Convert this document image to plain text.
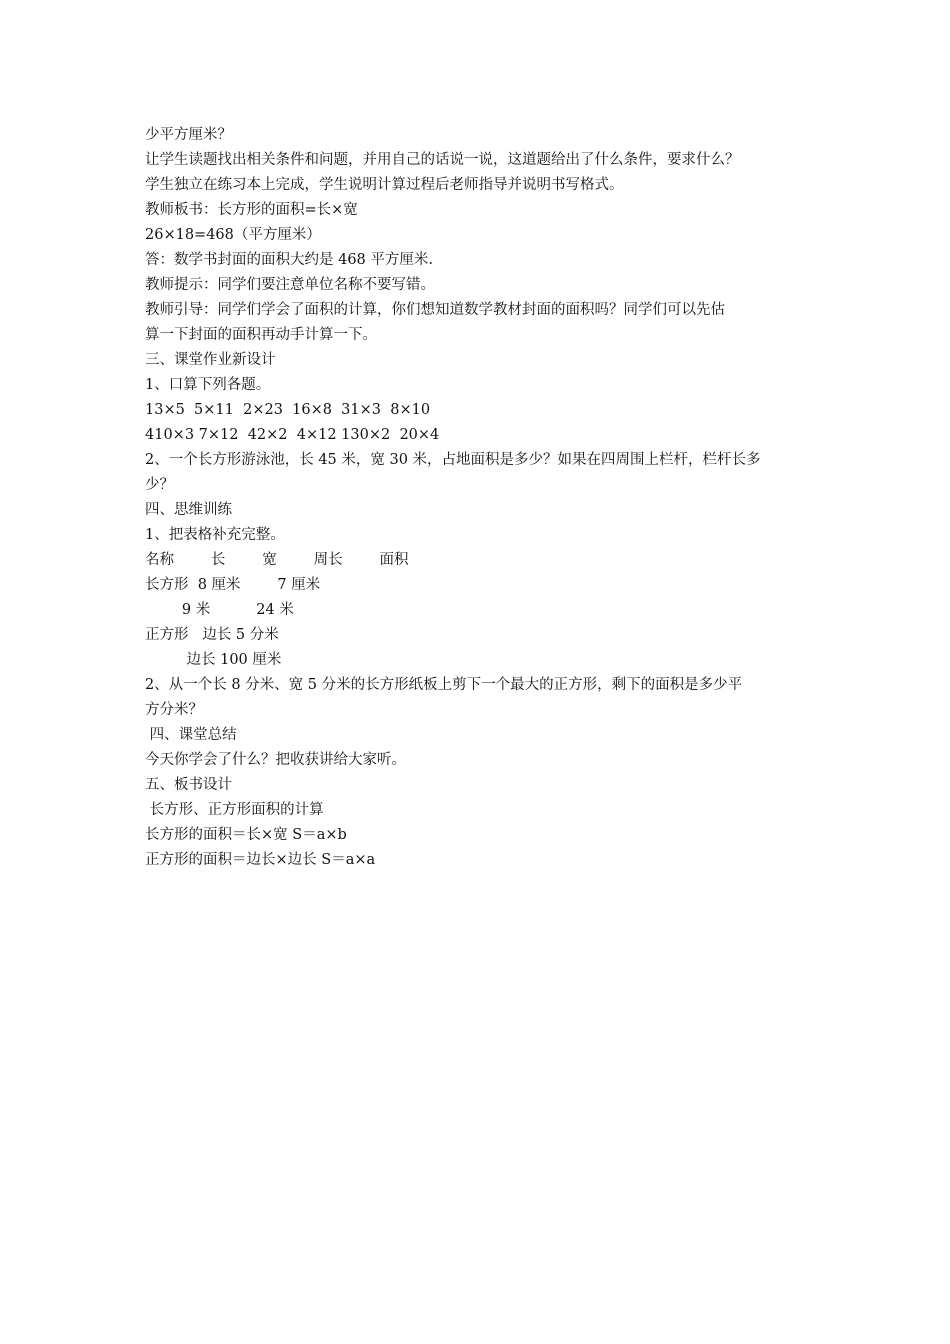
少平方厘米？
让学生读题找出相关条件和问题，并用自己的话说一说，这道题给出了什么条件，要求什么？
学生独立在练习本上完成，学生说明计算过程后老师指导并说明书写格式。
教师板书：长方形的面积=长×宽
26×18=468（平方厘米）
答：数学书封面的面积大约是 468 平方厘米.
教师提示：同学们要注意单位名称不要写错。
教师引导：同学们学会了面积的计算，你们想知道数学教材封面的面积吗？同学们可以先估
算一下封面的面积再动手计算一下。
三、课堂作业新设计
1、口算下列各题。
13×5  5×11  2×23  16×8  31×3  8×10
410×3 7×12  42×2  4×12 130×2  20×4
2、一个长方形游泳池，长 45 米，宽 30 米，占地面积是多少？如果在四周围上栏杆，栏杆长多
少？
四、思维训练
1、把表格补充完整。
名称        长        宽        周长        面积
长方形  8 厘米        7 厘米
9 米          24 米
正方形   边长 5 分米
边长 100 厘米
2、从一个长 8 分米、宽 5 分米的长方形纸板上剪下一个最大的正方形，剩下的面积是多少平
方分米？
四、课堂总结
今天你学会了什么？把收获讲给大家听。
五、板书设计
长方形、正方形面积的计算
长方形的面积＝长×宽 S＝a×b
正方形的面积＝边长×边长 S＝a×a
